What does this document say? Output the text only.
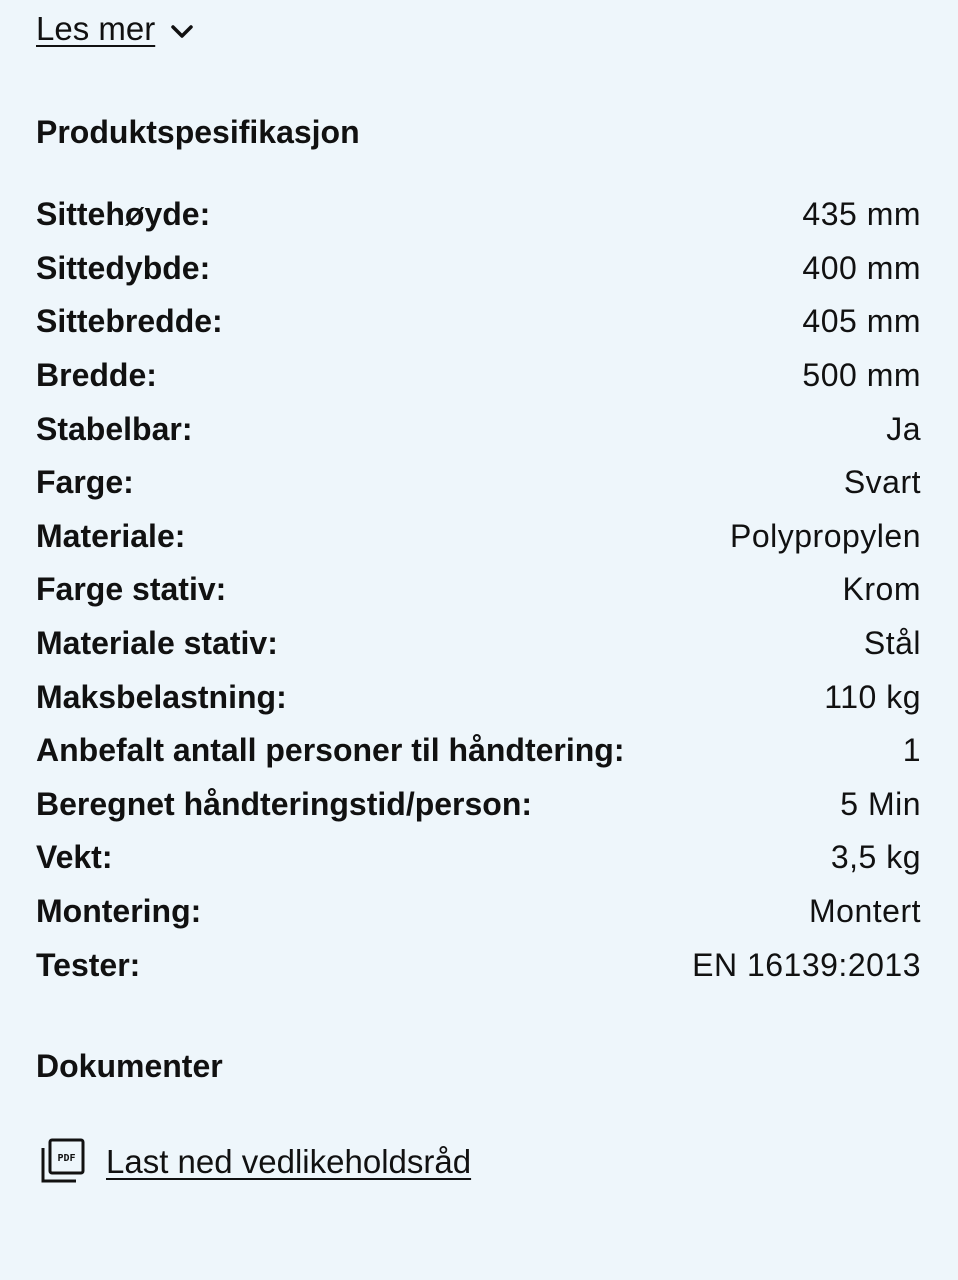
Les mer
Produktspesifikasjon
Sittehøyde:	435 mm
Sittedybde:	400 mm
Sittebredde:	405 mm
Bredde:	500 mm
Stabelbar:	Ja
Farge:	Svart
Materiale:	Polypropylen
Farge stativ:	Krom
Materiale stativ:	Stål
Maksbelastning:	110 kg
Anbefalt antall personer til håndtering:	1
Beregnet håndteringstid/person:	5 Min
Vekt:	3,5 kg
Montering:	Montert
Tester:	EN 16139:2013
Dokumenter
PDF Last ned vedlikeholdsråd
